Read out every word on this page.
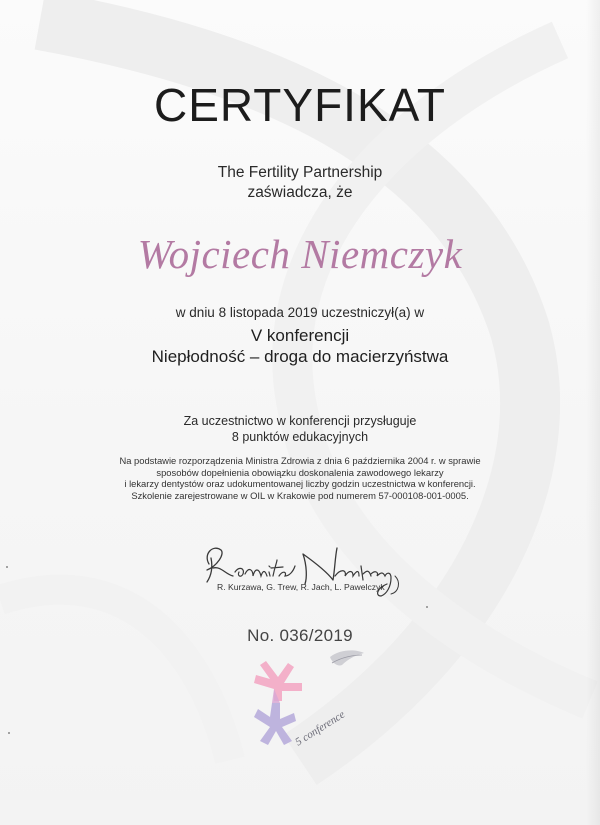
CERTYFIKAT
The Fertility Partnership
zaświadcza, że
Wojciech Niemczyk
w dniu 8 listopada 2019 uczestniczył(a) w
V konferencji
Niepłodność – droga do macierzyństwa
Za uczestnictwo w konferencji przysługuje
8 punktów edukacyjnych
Na podstawie rozporządzenia Ministra Zdrowia z dnia 6 października 2004 r. w sprawie
sposobów dopełnienia obowiązku doskonalenia zawodowego lekarzy
i lekarzy dentystów oraz udokumentowanej liczby godzin uczestnictwa w konferencji.
Szkolenie zarejestrowane w OIL w Krakowie pod numerem 57-000108-001-0005.
R. Kurzawa, G. Trew, R. Jach, L. Pawelczyk
No. 036/2019
5 conference
